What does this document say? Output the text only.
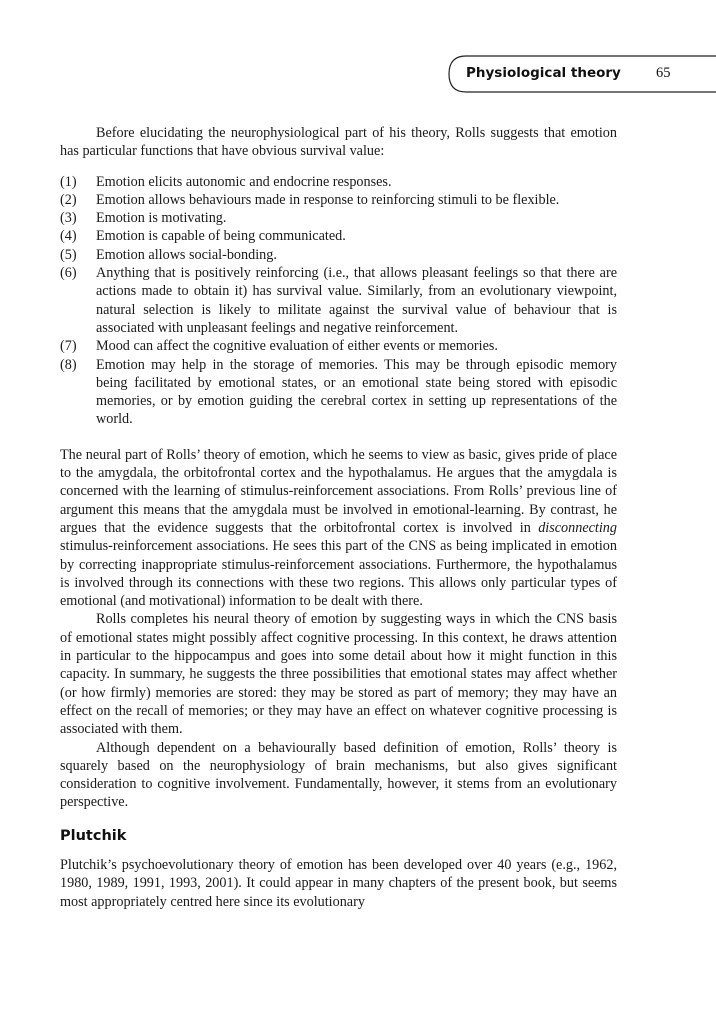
Physiological theory 65

Before elucidating the neurophysiological part of his theory, Rolls suggests that emotion has particular functions that have obvious survival value:

(1)	Emotion elicits autonomic and endocrine responses.
(2)	Emotion allows behaviours made in response to reinforcing stimuli to be flexible.
(3)	Emotion is motivating.
(4)	Emotion is capable of being communicated.
(5)	Emotion allows social-bonding.
(6)	Anything that is positively reinforcing (i.e., that allows pleasant feelings so that there are actions made to obtain it) has survival value. Similarly, from an evolutionary viewpoint, natural selection is likely to militate against the survival value of behaviour that is associated with unpleasant feelings and negative reinforcement.
(7)	Mood can affect the cognitive evaluation of either events or memories.
(8)	Emotion may help in the storage of memories. This may be through episodic memory being facilitated by emotional states, or an emotional state being stored with episodic memories, or by emotion guiding the cerebral cortex in setting up representations of the world.

The neural part of Rolls’ theory of emotion, which he seems to view as basic, gives pride of place to the amygdala, the orbitofrontal cortex and the hypothalamus. He argues that the amygdala is concerned with the learning of stimulus-reinforcement associations. From Rolls’ previous line of argument this means that the amygdala must be involved in emotional-learning. By contrast, he argues that the evidence suggests that the orbitofrontal cortex is involved in disconnecting stimulus-reinforcement associations. He sees this part of the CNS as being implicated in emotion by correcting inappropriate stimulus-reinforcement associations. Furthermore, the hypothalamus is involved through its connections with these two regions. This allows only particular types of emotional (and motivational) information to be dealt with there.

Rolls completes his neural theory of emotion by suggesting ways in which the CNS basis of emotional states might possibly affect cognitive processing. In this context, he draws attention in particular to the hippocampus and goes into some detail about how it might function in this capacity. In summary, he suggests the three possibilities that emotional states may affect whether (or how firmly) memories are stored: they may be stored as part of memory; they may have an effect on the recall of memories; or they may have an effect on whatever cognitive processing is associated with them.

Although dependent on a behaviourally based definition of emotion, Rolls’ theory is squarely based on the neurophysiology of brain mechanisms, but also gives significant consideration to cognitive involvement. Fundamentally, however, it stems from an evolutionary perspective.

Plutchik

Plutchik’s psychoevolutionary theory of emotion has been developed over 40 years (e.g., 1962, 1980, 1989, 1991, 1993, 2001). It could appear in many chapters of the present book, but seems most appropriately centred here since its evolutionary
